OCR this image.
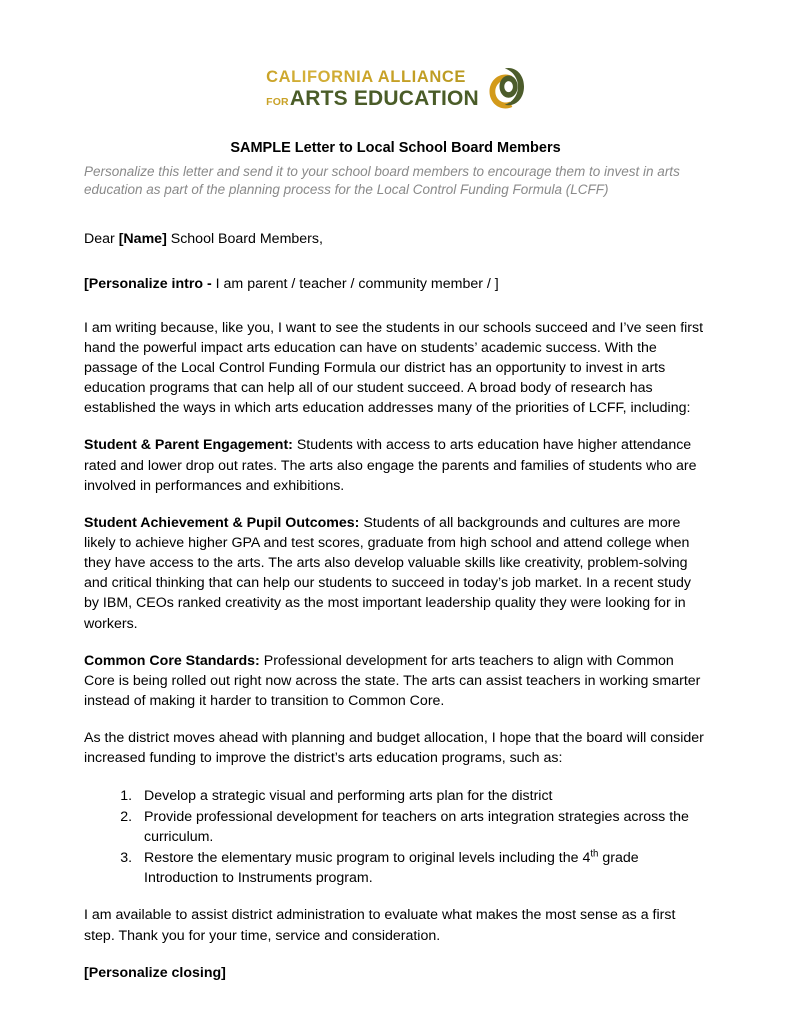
CALIFORNIA ALLIANCE
FOR ARTS EDUCATION
SAMPLE Letter to Local School Board Members
Personalize this letter and send it to your school board members to encourage them to invest in arts education as part of the planning process for the Local Control Funding Formula (LCFF)

Dear [Name] School Board Members,

[Personalize intro - I am parent / teacher / community member / ]

I am writing because, like you, I want to see the students in our schools succeed and I’ve seen first hand the powerful impact arts education can have on students’ academic success. With the passage of the Local Control Funding Formula our district has an opportunity to invest in arts education programs that can help all of our student succeed. A broad body of research has established the ways in which arts education addresses many of the priorities of LCFF, including:

Student & Parent Engagement: Students with access to arts education have higher attendance rated and lower drop out rates. The arts also engage the parents and families of students who are involved in performances and exhibitions.

Student Achievement & Pupil Outcomes: Students of all backgrounds and cultures are more likely to achieve higher GPA and test scores, graduate from high school and attend college when they have access to the arts. The arts also develop valuable skills like creativity, problem-solving and critical thinking that can help our students to succeed in today’s job market. In a recent study by IBM, CEOs ranked creativity as the most important leadership quality they were looking for in workers.

Common Core Standards: Professional development for arts teachers to align with Common Core is being rolled out right now across the state. The arts can assist teachers in working smarter instead of making it harder to transition to Common Core.

As the district moves ahead with planning and budget allocation, I hope that the board will consider increased funding to improve the district’s arts education programs, such as:

1. Develop a strategic visual and performing arts plan for the district
2. Provide professional development for teachers on arts integration strategies across the curriculum.
3. Restore the elementary music program to original levels including the 4th grade Introduction to Instruments program.

I am available to assist district administration to evaluate what makes the most sense as a first step. Thank you for your time, service and consideration.

[Personalize closing]
